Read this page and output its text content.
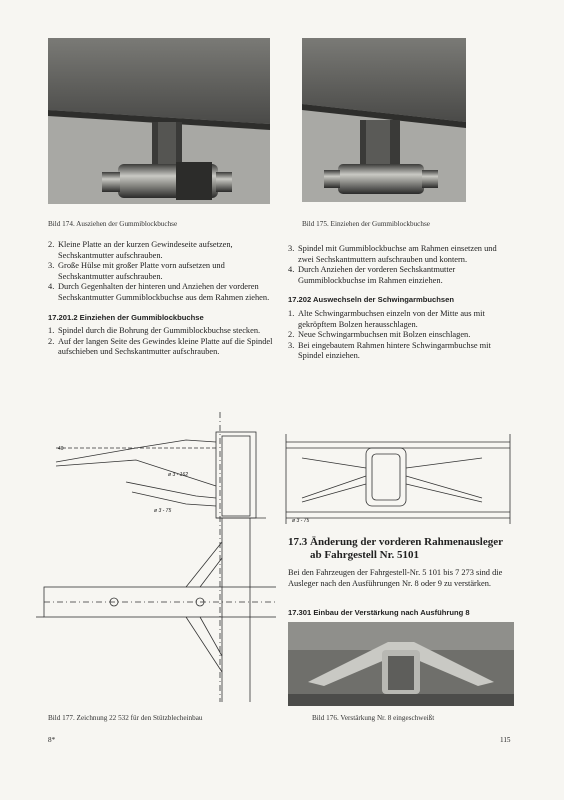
Bild 174. Ausziehen der Gummiblockbuchse	Bild 175. Einziehen der Gummiblockbuchse
2. Kleine Platte an der kurzen Gewindeseite aufsetzen, Sechskantmutter aufschrauben.
3. Große Hülse mit großer Platte vorn aufsetzen und Sechskantmutter aufschrauben.
4. Durch Gegenhalten der hinteren und Anziehen der vorderen Sechskantmutter Gummiblockbuchse aus dem Rahmen ziehen.
17.201.2 Einziehen der Gummiblockbuchse
1. Spindel durch die Bohrung der Gummiblockbuchse stecken.
2. Auf der langen Seite des Gewindes kleine Platte auf die Spindel aufschieben und Sechskantmutter aufschrauben.
3. Spindel mit Gummiblockbuchse am Rahmen einsetzen und zwei Sechskantmuttern aufschrauben und kontern.
4. Durch Anziehen der vorderen Sechskantmutter Gummiblockbuchse im Rahmen einziehen.
17.202 Auswechseln der Schwingarmbuchsen
1. Alte Schwingarmbuchsen einzeln von der Mitte aus mit gekröpftem Bolzen herausschlagen.
2. Neue Schwingarmbuchsen mit Bolzen einschlagen.
3. Bei eingebautem Rahmen hintere Schwingarmbuchse mit Spindel einziehen.
ø 3 - 162
ø 3 - 75
40
Bild 177. Zeichnung 22 532 für den Stützblecheinbau
ø 3 - 75
17.3 Änderung der vorderen Rahmenausleger
ab Fahrgestell Nr. 5101
Bei den Fahrzeugen der Fahrgestell-Nr. 5 101 bis 7 273 sind die Ausleger nach den Ausführungen Nr. 8 oder 9 zu verstärken.
17.301 Einbau der Verstärkung nach Ausführung 8
Bild 176. Verstärkung Nr. 8 eingeschweißt
8*	115
